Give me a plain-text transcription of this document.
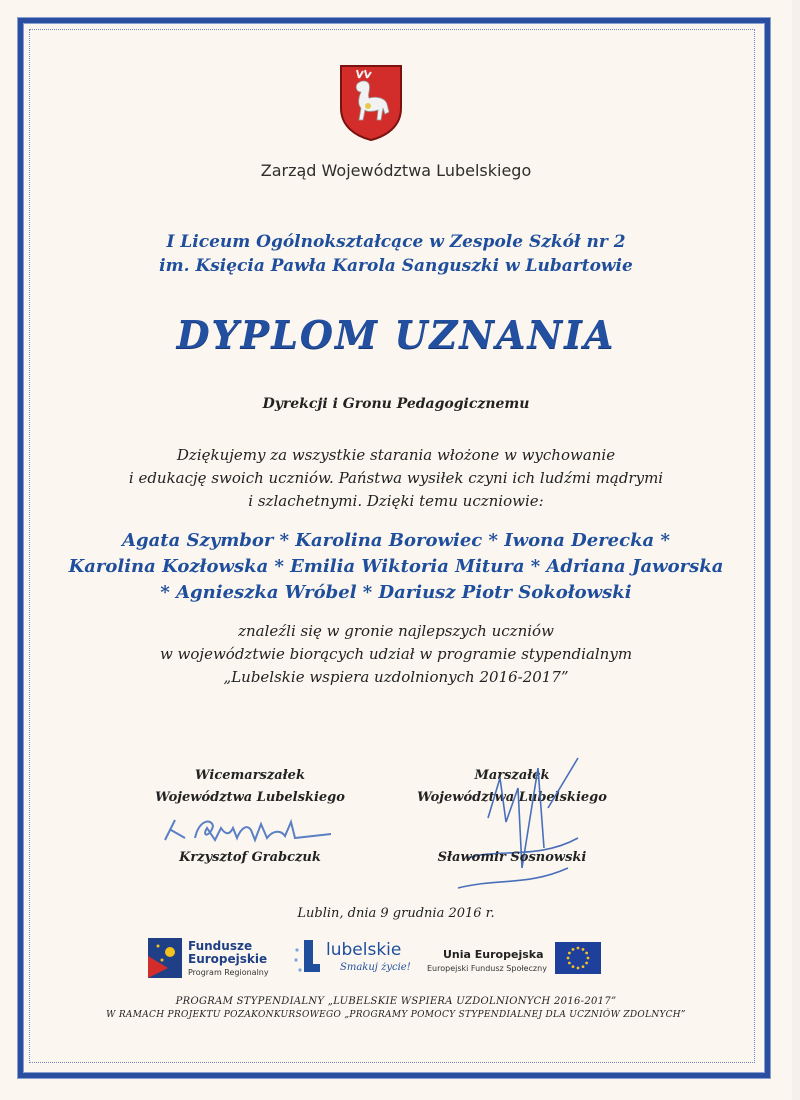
Zarząd Województwa Lubelskiego
I Liceum Ogólnokształcące w Zespole Szkół nr 2
im. Księcia Pawła Karola Sanguszki w Lubartowie
DYPLOM UZNANIA
Dyrekcji i Gronu Pedagogicznemu
Dziękujemy za wszystkie starania włożone w wychowanie
i edukację swoich uczniów. Państwa wysiłek czyni ich ludźmi mądrymi
i szlachetnymi. Dzięki temu uczniowie:
Agata Szymbor * Karolina Borowiec * Iwona Derecka *
Karolina Kozłowska * Emilia Wiktoria Mitura * Adriana Jaworska
* Agnieszka Wróbel * Dariusz Piotr Sokołowski
znaleźli się w gronie najlepszych uczniów
w województwie biorących udział w programie stypendialnym
„Lubelskie wspiera uzdolnionych 2016-2017”
Wicemarszałek
Województwa Lubelskiego
Krzysztof Grabczuk
Marszałek
Województwa Lubelskiego
Sławomir Sosnowski
Lublin, dnia 9 grudnia 2016 r.
Fundusze
Europejskie
Program Regionalny
lubelskie
Smakuj życie!
Unia Europejska
Europejski Fundusz Społeczny
PROGRAM STYPENDIALNY „LUBELSKIE WSPIERA UZDOLNIONYCH 2016-2017”
W RAMACH PROJEKTU POZAKONKURSOWEGO „PROGRAMY POMOCY STYPENDIALNEJ DLA UCZNIÓW ZDOLNYCH”
